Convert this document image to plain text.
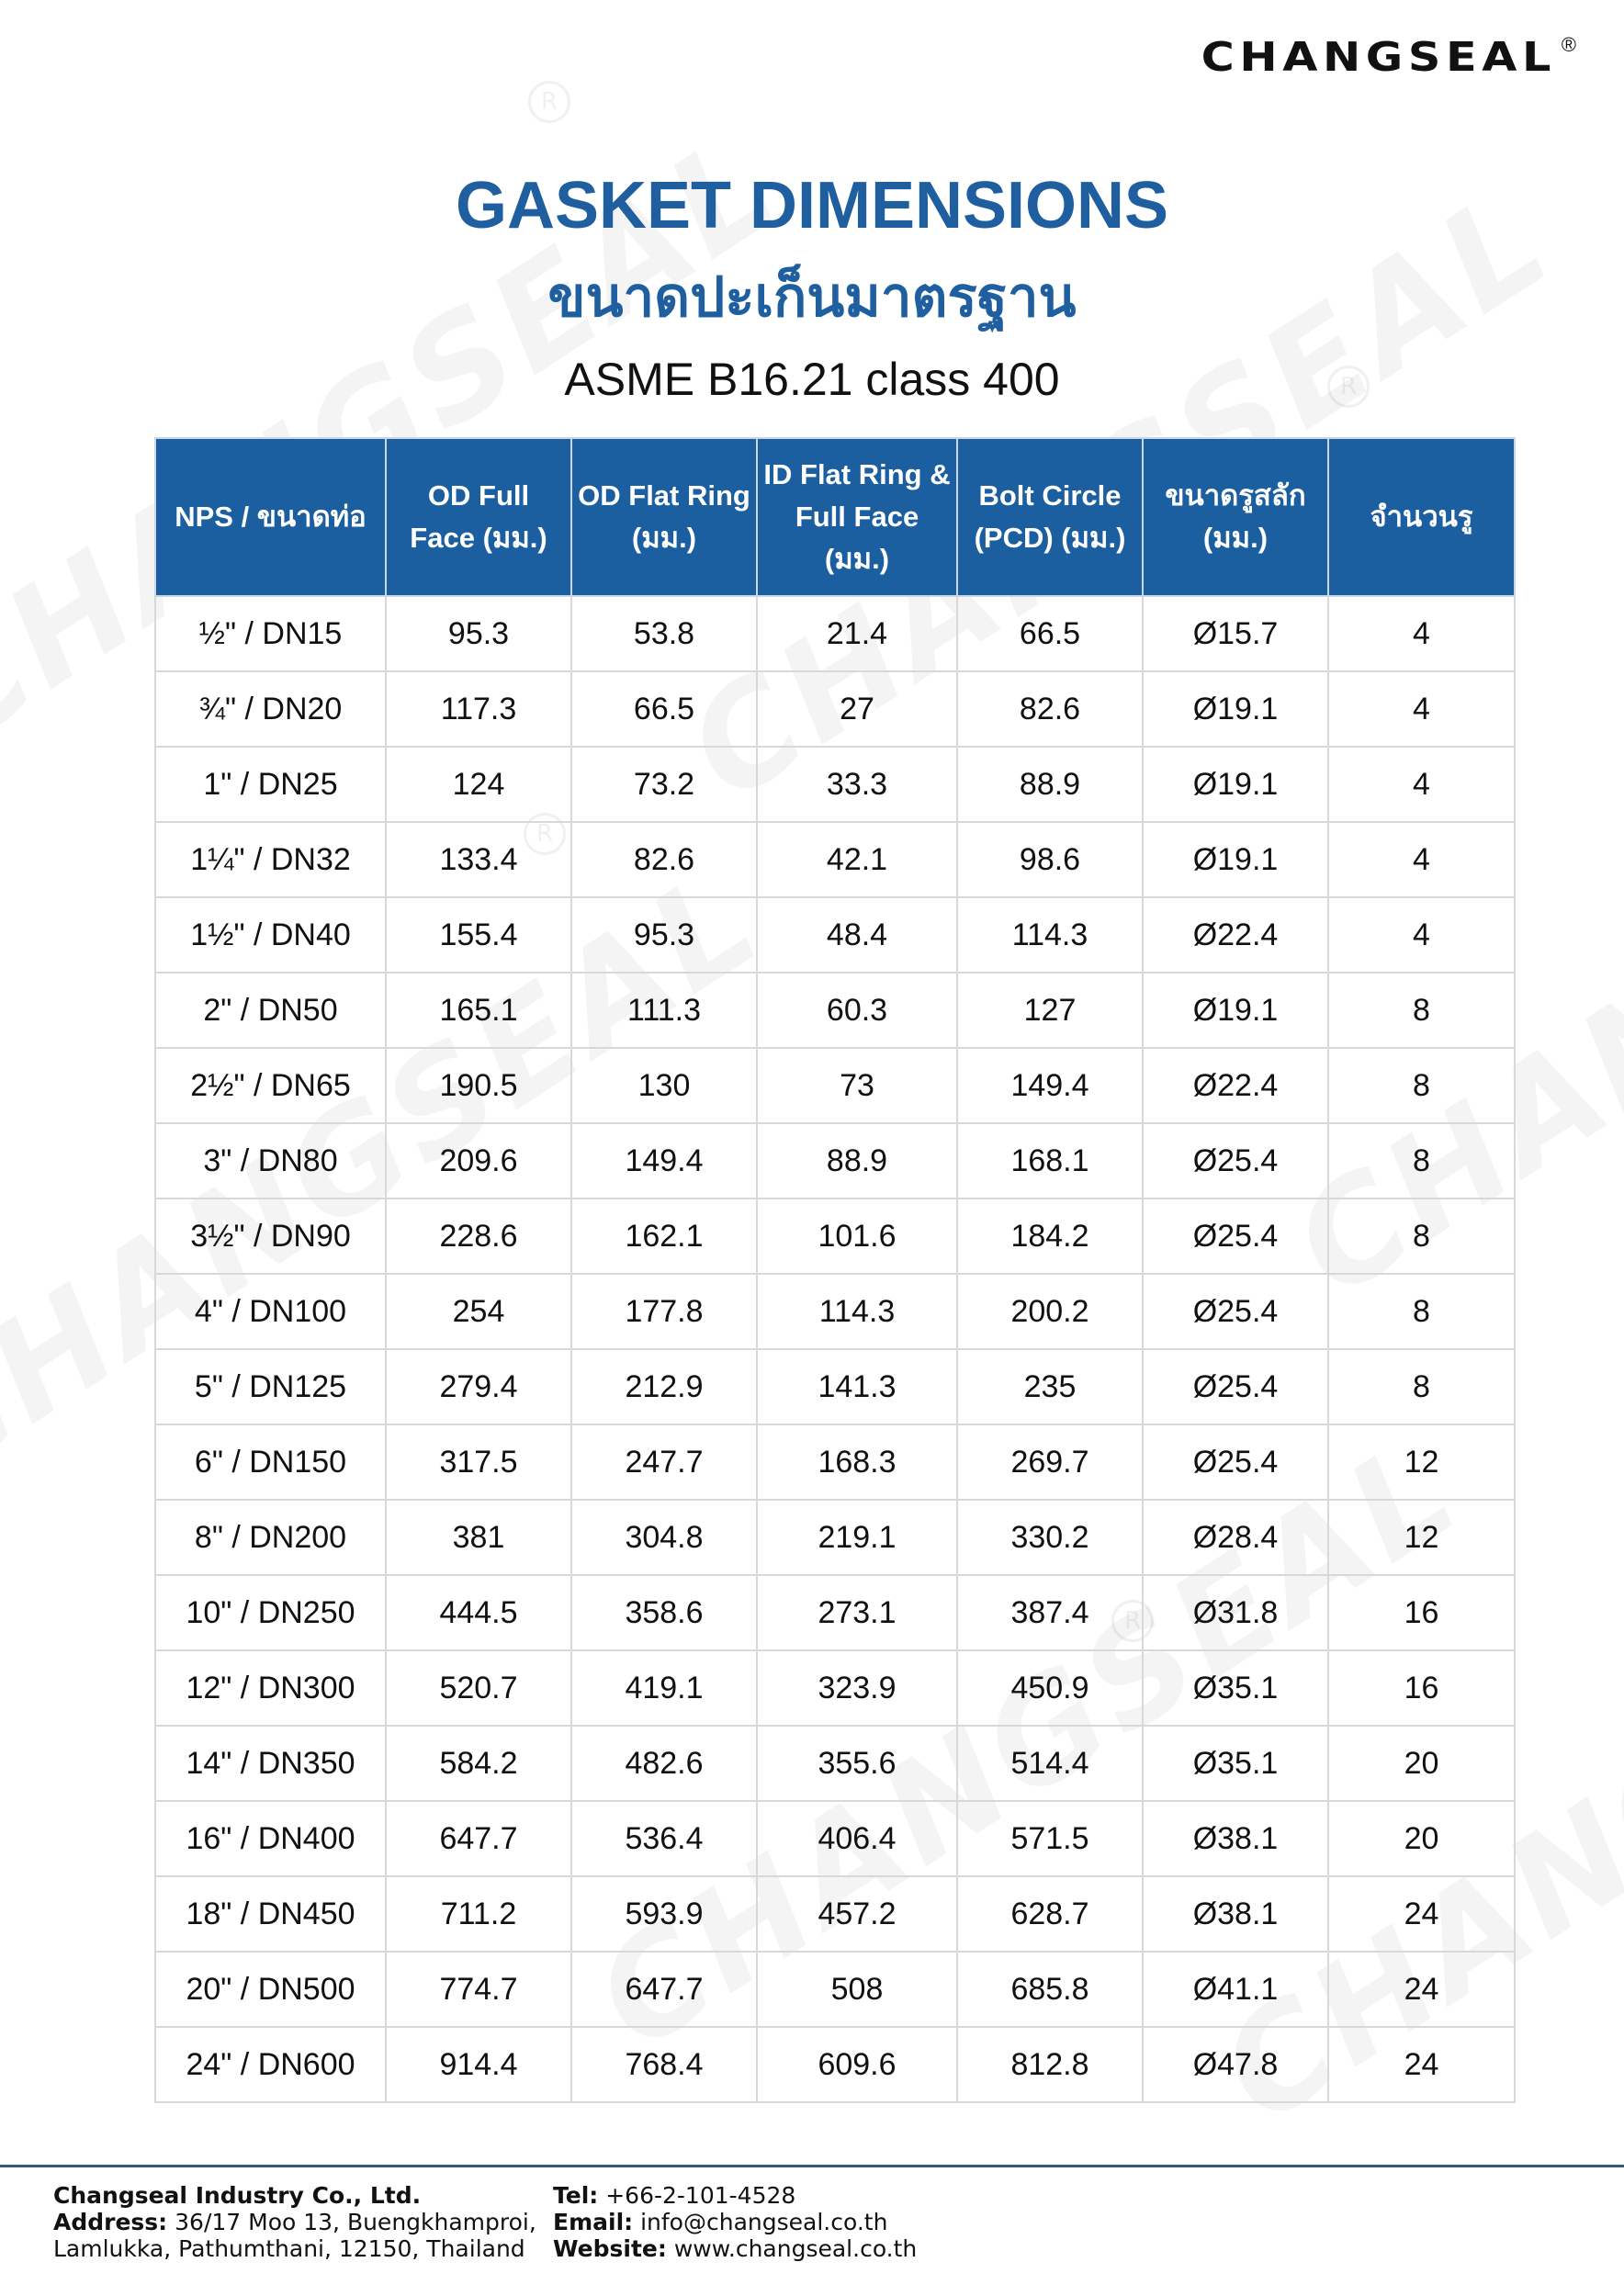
R
R
R
R
CHANGSEAL ®
GASKET DIMENSIONS
ขนาดปะเก็นมาตรฐาน
ASME B16.21 class 400
NPS / ขนาดท่อ	OD Full Face (มม.)	OD Flat Ring (มม.)	ID Flat Ring & Full Face (มม.)	Bolt Circle (PCD) (มม.)	ขนาดรูสลัก (มม.)	จำนวนรู
½" / DN15	95.3	53.8	21.4	66.5	Ø15.7	4
¾" / DN20	117.3	66.5	27	82.6	Ø19.1	4
1" / DN25	124	73.2	33.3	88.9	Ø19.1	4
1¼" / DN32	133.4	82.6	42.1	98.6	Ø19.1	4
1½" / DN40	155.4	95.3	48.4	114.3	Ø22.4	4
2" / DN50	165.1	111.3	60.3	127	Ø19.1	8
2½" / DN65	190.5	130	73	149.4	Ø22.4	8
3" / DN80	209.6	149.4	88.9	168.1	Ø25.4	8
3½" / DN90	228.6	162.1	101.6	184.2	Ø25.4	8
4" / DN100	254	177.8	114.3	200.2	Ø25.4	8
5" / DN125	279.4	212.9	141.3	235	Ø25.4	8
6" / DN150	317.5	247.7	168.3	269.7	Ø25.4	12
8" / DN200	381	304.8	219.1	330.2	Ø28.4	12
10" / DN250	444.5	358.6	273.1	387.4	Ø31.8	16
12" / DN300	520.7	419.1	323.9	450.9	Ø35.1	16
14" / DN350	584.2	482.6	355.6	514.4	Ø35.1	20
16" / DN400	647.7	536.4	406.4	571.5	Ø38.1	20
18" / DN450	711.2	593.9	457.2	628.7	Ø38.1	24
20" / DN500	774.7	647.7	508	685.8	Ø41.1	24
24" / DN600	914.4	768.4	609.6	812.8	Ø47.8	24
Changseal Industry Co., Ltd.
Address: 36/17 Moo 13, Buengkhamproi,
Lamlukka, Pathumthani, 12150, Thailand
Tel: +66-2-101-4528
Email: info@changseal.co.th
Website: www.changseal.co.th
